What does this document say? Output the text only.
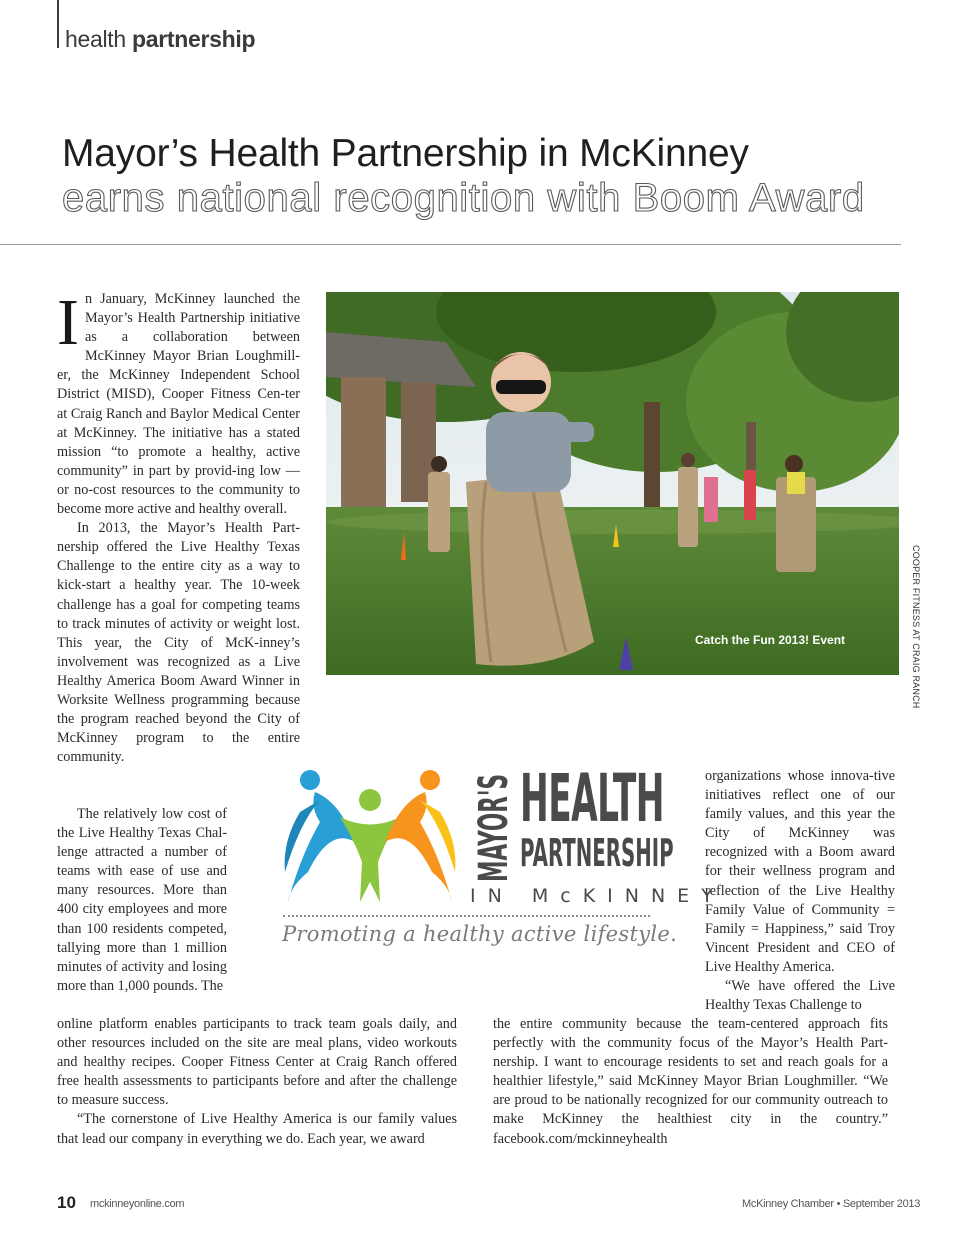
health partnership
Mayor’s Health Partnership in McKinney
earns national recognition with Boom Award

In January, McKinney launched the Mayor’s Health Partnership initiative as a collaboration between McKinney Mayor Brian Loughmill-er, the McKinney Independent School District (MISD), Cooper Fitness Cen-ter at Craig Ranch and Baylor Medical Center at McKinney. The initiative has a stated mission “to promote a healthy, active community” in part by provid-ing low — or no-cost resources to the community to become more active and healthy overall.

In 2013, the Mayor’s Health Part-nership offered the Live Healthy Texas Challenge to the entire city as a way to kick-start a healthy year. The 10-week challenge has a goal for competing teams to track minutes of activity or weight lost. This year, the City of McK-inney’s involvement was recognized as a Live Healthy America Boom Award Winner in Worksite Wellness programming because the program reached beyond the City of McKinney program to the entire community.

The relatively low cost of the Live Healthy Texas Chal-lenge attracted a number of teams with ease of use and many resources. More than 400 city employees and more than 100 residents competed, tallying more than 1 million minutes of activity and losing more than 1,000 pounds. The

online platform enables participants to track team goals daily, and other resources included on the site are meal plans, video workouts and healthy recipes. Cooper Fitness Center at Craig Ranch offered free health assessments to participants before and after the challenge to measure success.

“The cornerstone of Live Healthy America is our family values that lead our company in everything we do. Each year, we award

organizations whose innova-tive initiatives reflect one of our family values, and this year the City of McKinney was recognized with a Boom award for their wellness program and reflection of the Live Healthy Family Value of Community = Family = Happiness,” said Troy Vincent President and CEO of Live Healthy America.

“We have offered the Live Healthy Texas Challenge to

the entire community because the team-centered approach fits perfectly with the community focus of the Mayor’s Health Part-nership. I want to encourage residents to set and reach goals for a healthier lifestyle,” said McKinney Mayor Brian Loughmiller. “We are proud to be nationally recognized for our community outreach to make McKinney the healthiest city in the country.” facebook.com/mckinneyhealth

Catch the Fun 2013! Event	COOPER FITNESS AT CRAIG RANCH
MAYOR'S HEALTH
PARTNERSHIP
IN McKINNEY
Promoting a healthy active lifestyle.
10 mckinneyonline.com	McKinney Chamber • September 2013
